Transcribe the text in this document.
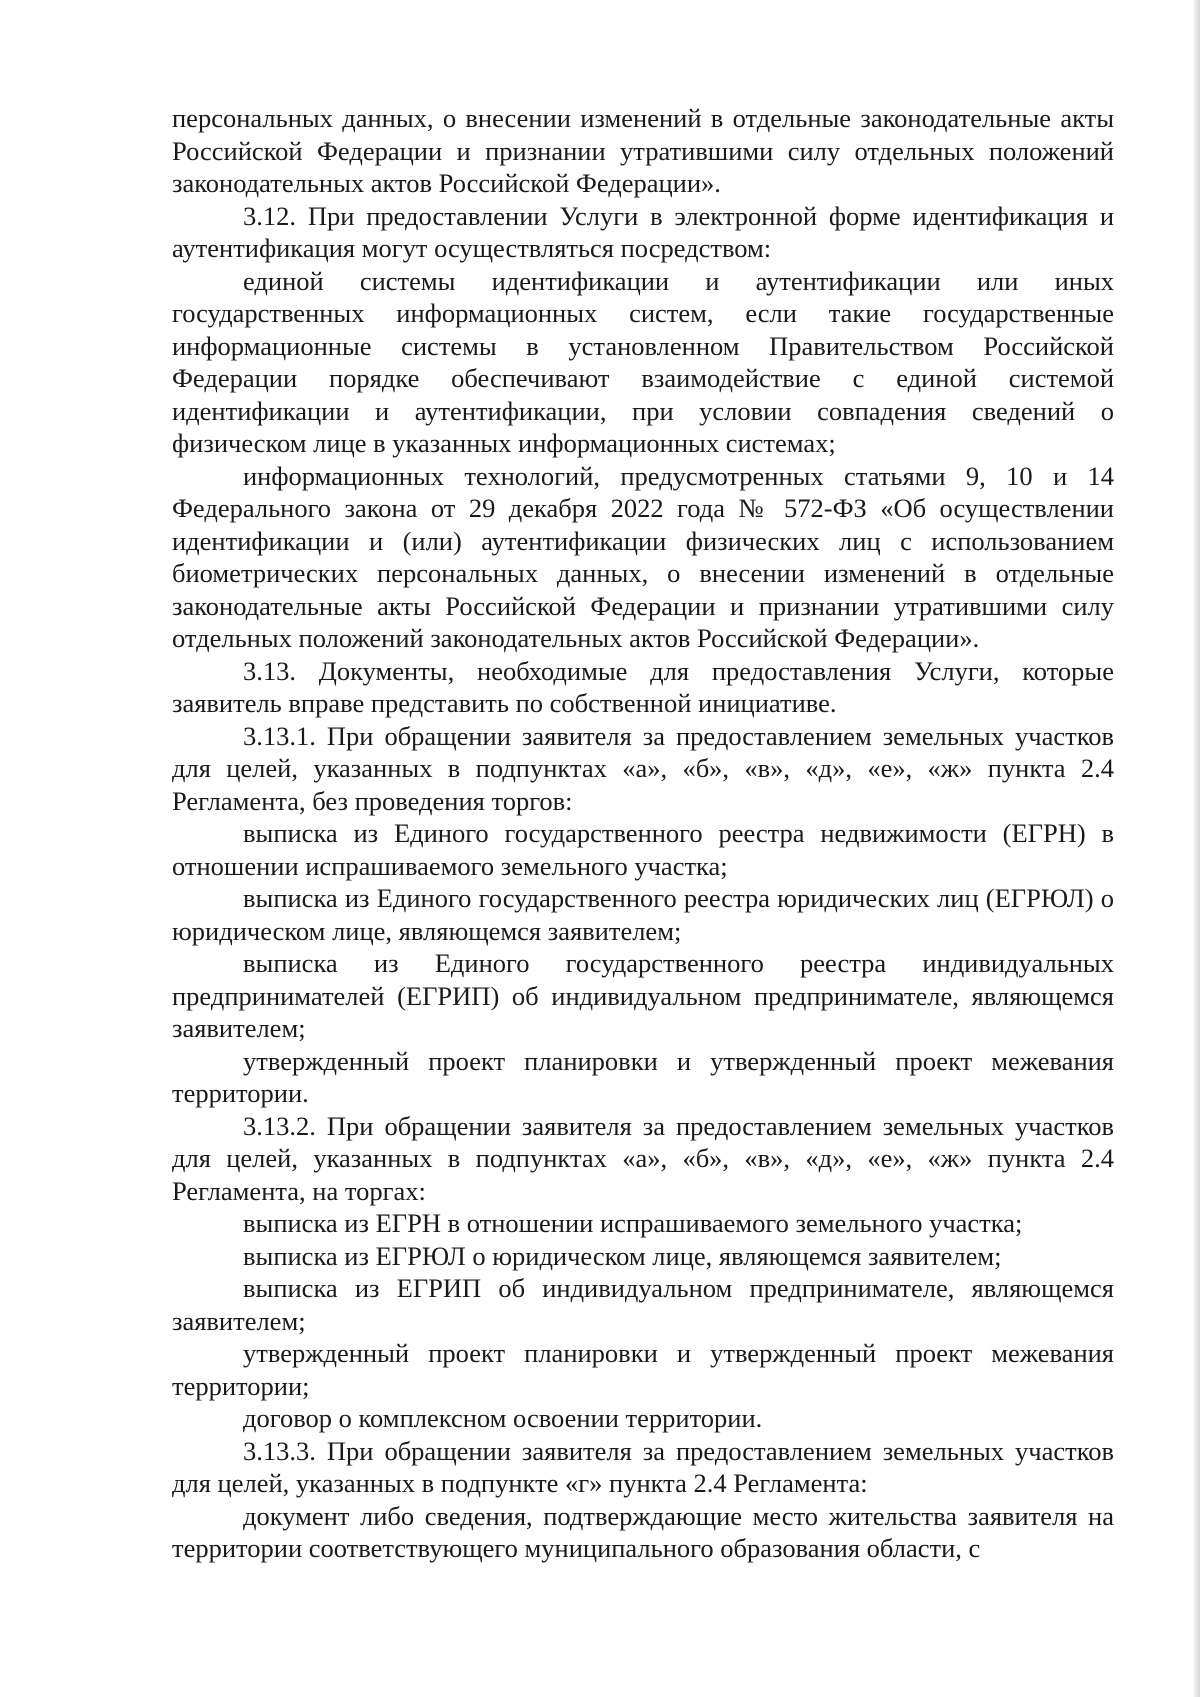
персональных данных, о внесении изменений в отдельные законодательные акты Российской Федерации и признании утратившими силу отдельных положений законодательных актов Российской Федерации».

3.12. При предоставлении Услуги в электронной форме идентификация и аутентификация могут осуществляться посредством:

единой системы идентификации и аутентификации или иных государственных информационных систем, если такие государственные информационные системы в установленном Правительством Российской Федерации порядке обеспечивают взаимодействие с единой системой идентификации и аутентификации, при условии совпадения сведений о физическом лице в указанных информационных системах;

информационных технологий, предусмотренных статьями 9, 10 и 14 Федерального закона от 29 декабря 2022 года № 572-ФЗ «Об осуществлении идентификации и (или) аутентификации физических лиц с использованием биометрических персональных данных, о внесении изменений в отдельные законодательные акты Российской Федерации и признании утратившими силу отдельных положений законодательных актов Российской Федерации».

3.13. Документы, необходимые для предоставления Услуги, которые заявитель вправе представить по собственной инициативе.

3.13.1. При обращении заявителя за предоставлением земельных участков для целей, указанных в подпунктах «а», «б», «в», «д», «е», «ж» пункта 2.4 Регламента, без проведения торгов:

выписка из Единого государственного реестра недвижимости (ЕГРН) в отношении испрашиваемого земельного участка;

выписка из Единого государственного реестра юридических лиц (ЕГРЮЛ) о юридическом лице, являющемся заявителем;

выписка из Единого государственного реестра индивидуальных предпринимателей (ЕГРИП) об индивидуальном предпринимателе, являющемся заявителем;

утвержденный проект планировки и утвержденный проект межевания территории.

3.13.2. При обращении заявителя за предоставлением земельных участков для целей, указанных в подпунктах «а», «б», «в», «д», «е», «ж» пункта 2.4 Регламента, на торгах:

выписка из ЕГРН в отношении испрашиваемого земельного участка;

выписка из ЕГРЮЛ о юридическом лице, являющемся заявителем;

выписка из ЕГРИП об индивидуальном предпринимателе, являющемся заявителем;

утвержденный проект планировки и утвержденный проект межевания территории;

договор о комплексном освоении территории.

3.13.3. При обращении заявителя за предоставлением земельных участков для целей, указанных в подпункте «г» пункта 2.4 Регламента:

документ либо сведения, подтверждающие место жительства заявителя на территории соответствующего муниципального образования области, с
